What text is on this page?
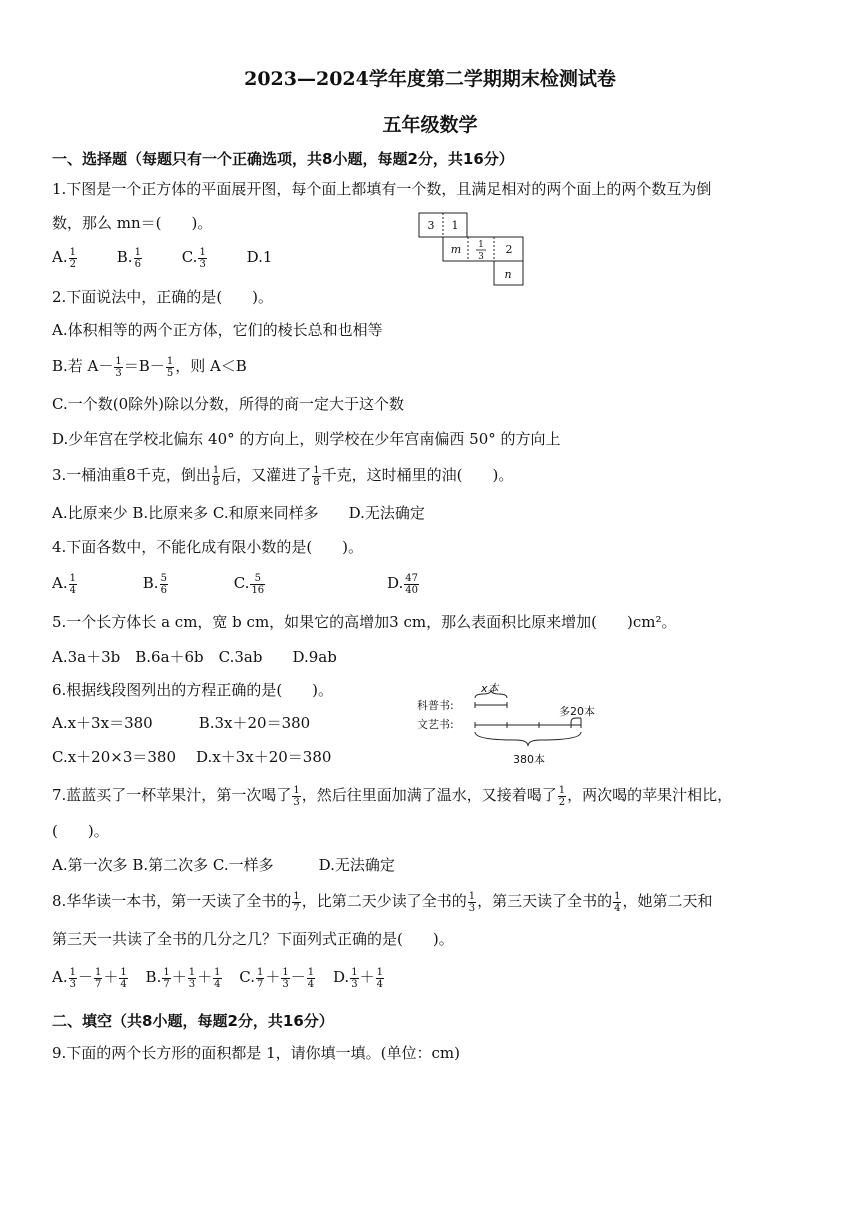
2023—2024学年度第二学期期末检测试卷
五年级数学
一、选择题（每题只有一个正确选项，共8小题，每题2分，共16分）
1.下图是一个正方体的平面展开图，每个面上都填有一个数，且满足相对的两个面上的两个数互为倒
数，那么 mn＝(　　)。
A. $\frac{1}{2}$	B. $\frac{1}{6}$	C. $\frac{1}{3}$	D.1
3 1
m 1
3
2
n
2.下面说法中，正确的是(　　)。
A.体积相等的两个正方体，它们的棱长总和也相等
B.若 $A- \frac{1}{3} =B- \frac{1}{5}$ ，则 A＜B
C.一个数(0除外)除以分数，所得的商一定大于这个数
D.少年宫在学校北偏东 40° 的方向上，则学校在少年宫南偏西 50° 的方向上
3.一桶油重8千克，倒出 $\frac{1}{8}$ 后，又灌进了 $\frac{1}{8}$ 千克，这时桶里的油(　　)。
A.比原来少 B.比原来多 C.和原来同样多　　D.无法确定
4.下面各数中，不能化成有限小数的是(　　)。
A. $\frac{1}{4}$	B. $\frac{5}{6}$	C. $\frac{5}{16}$	D. $\frac{47}{40}$
5.一个长方体长 a cm，宽 b cm，如果它的高增加3 cm，那么表面积比原来增加(　　)cm²。
A.3a＋3b　B.6a＋6b　C.3ab　　D.9ab
6.根据线段图列出的方程正确的是(　　)。
A.x＋3x＝380	B.3x＋20＝380
C.x＋20×3＝380 D.x＋3x＋20＝380
科普书:
文艺书:
x本
多20本
380本
7.蓝蓝买了一杯苹果汁，第一次喝了 $\frac{1}{3}$ ，然后往里面加满了温水，又接着喝了 $\frac{1}{2}$ ，两次喝的苹果汁相比，
(　　)。
A.第一次多 B.第二次多 C.一样多　　　D.无法确定
8.华华读一本书，第一天读了全书的 $\frac{1}{7}$ ，比第二天少读了全书的 $\frac{1}{3}$ ，第三天读了全书的 $\frac{1}{4}$ ，她第二天和
第三天一共读了全书的几分之几？下面列式正确的是(　　)。
A. $\frac{1}{3} - \frac{1}{7} + \frac{1}{4} B$. $\frac{1}{7} + \frac{1}{3} + \frac{1}{4} C$. $\frac{1}{7} + \frac{1}{3} - \frac{1}{4} D$. $\frac{1}{3} + \frac{1}{4}$
二、填空（共8小题，每题2分，共16分）
9.下面的两个长方形的面积都是 1，请你填一填。(单位：cm)
